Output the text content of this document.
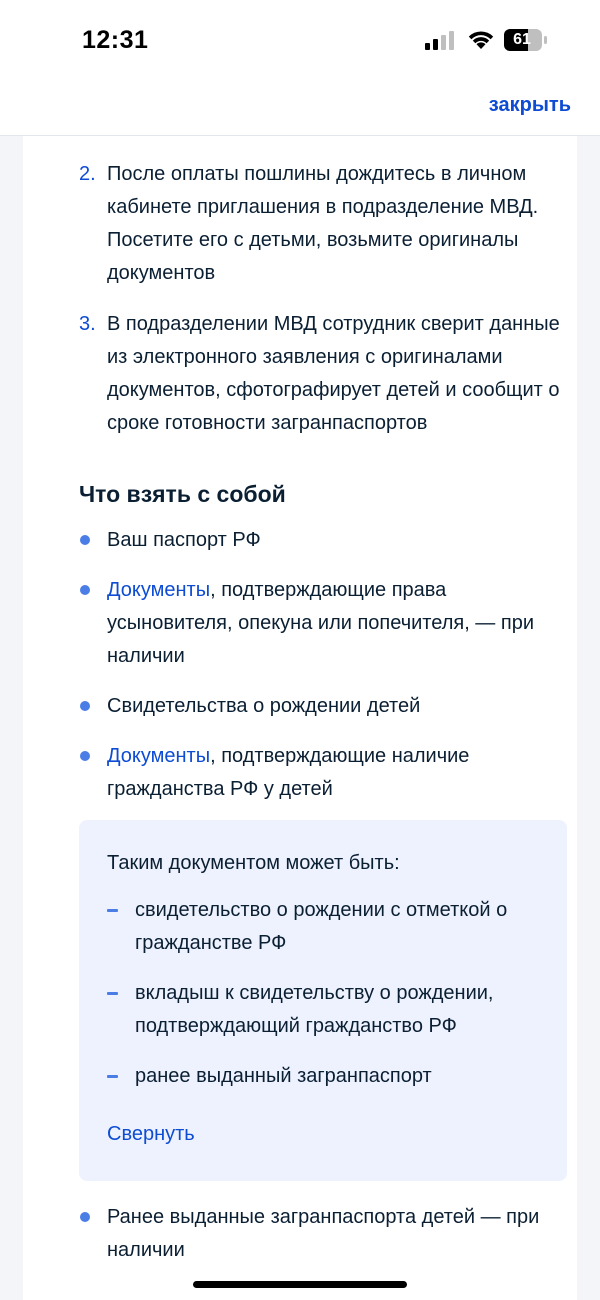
2. После оплаты пошлины дождитесь в личном кабинете приглашения в подразделение МВД. Посетите его с детьми, возьмите оригиналы документов
3. В подразделении МВД сотрудник сверит данные из электронного заявления с оригиналами документов, сфотографирует детей и сообщит о сроке готовности загранпаспортов
Что взять с собой
Ваш паспорт РФ
Документы, подтверждающие права усыновителя, опекуна или попечителя, — при наличии
Свидетельства о рождении детей
Документы, подтверждающие наличие гражданства РФ у детей
Таким документом может быть:
свидетельство о рождении с отметкой о гражданстве РФ
вкладыш к свидетельству о рождении, подтверждающий гражданство РФ
ранее выданный загранпаспорт
Свернуть
Ранее выданные загранпаспорта детей — при наличии
12:31	61
закрыть
